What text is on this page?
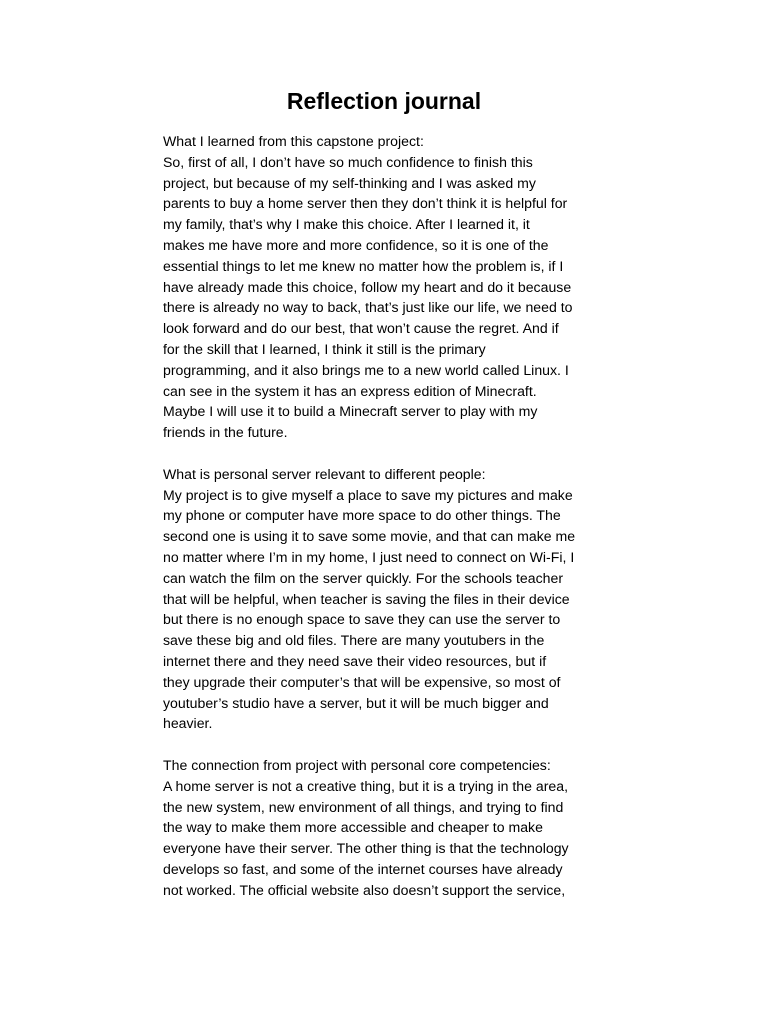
Reflection journal

What I learned from this capstone project:

So, first of all, I don’t have so much confidence to finish this
project, but because of my self-thinking and I was asked my
parents to buy a home server then they don’t think it is helpful for
my family, that’s why I make this choice. After I learned it, it
makes me have more and more confidence, so it is one of the
essential things to let me knew no matter how the problem is, if I
have already made this choice, follow my heart and do it because
there is already no way to back, that’s just like our life, we need to
look forward and do our best, that won’t cause the regret. And if
for the skill that I learned, I think it still is the primary
programming, and it also brings me to a new world called Linux. I
can see in the system it has an express edition of Minecraft.
Maybe I will use it to build a Minecraft server to play with my
friends in the future.

What is personal server relevant to different people:

My project is to give myself a place to save my pictures and make
my phone or computer have more space to do other things. The
second one is using it to save some movie, and that can make me
no matter where I’m in my home, I just need to connect on Wi-Fi, I
can watch the film on the server quickly. For the schools teacher
that will be helpful, when teacher is saving the files in their device
but there is no enough space to save they can use the server to
save these big and old files. There are many youtubers in the
internet there and they need save their video resources, but if
they upgrade their computer’s that will be expensive, so most of
youtuber’s studio have a server, but it will be much bigger and
heavier.

The connection from project with personal core competencies:

A home server is not a creative thing, but it is a trying in the area,
the new system, new environment of all things, and trying to find
the way to make them more accessible and cheaper to make
everyone have their server. The other thing is that the technology
develops so fast, and some of the internet courses have already
not worked. The official website also doesn’t support the service,
